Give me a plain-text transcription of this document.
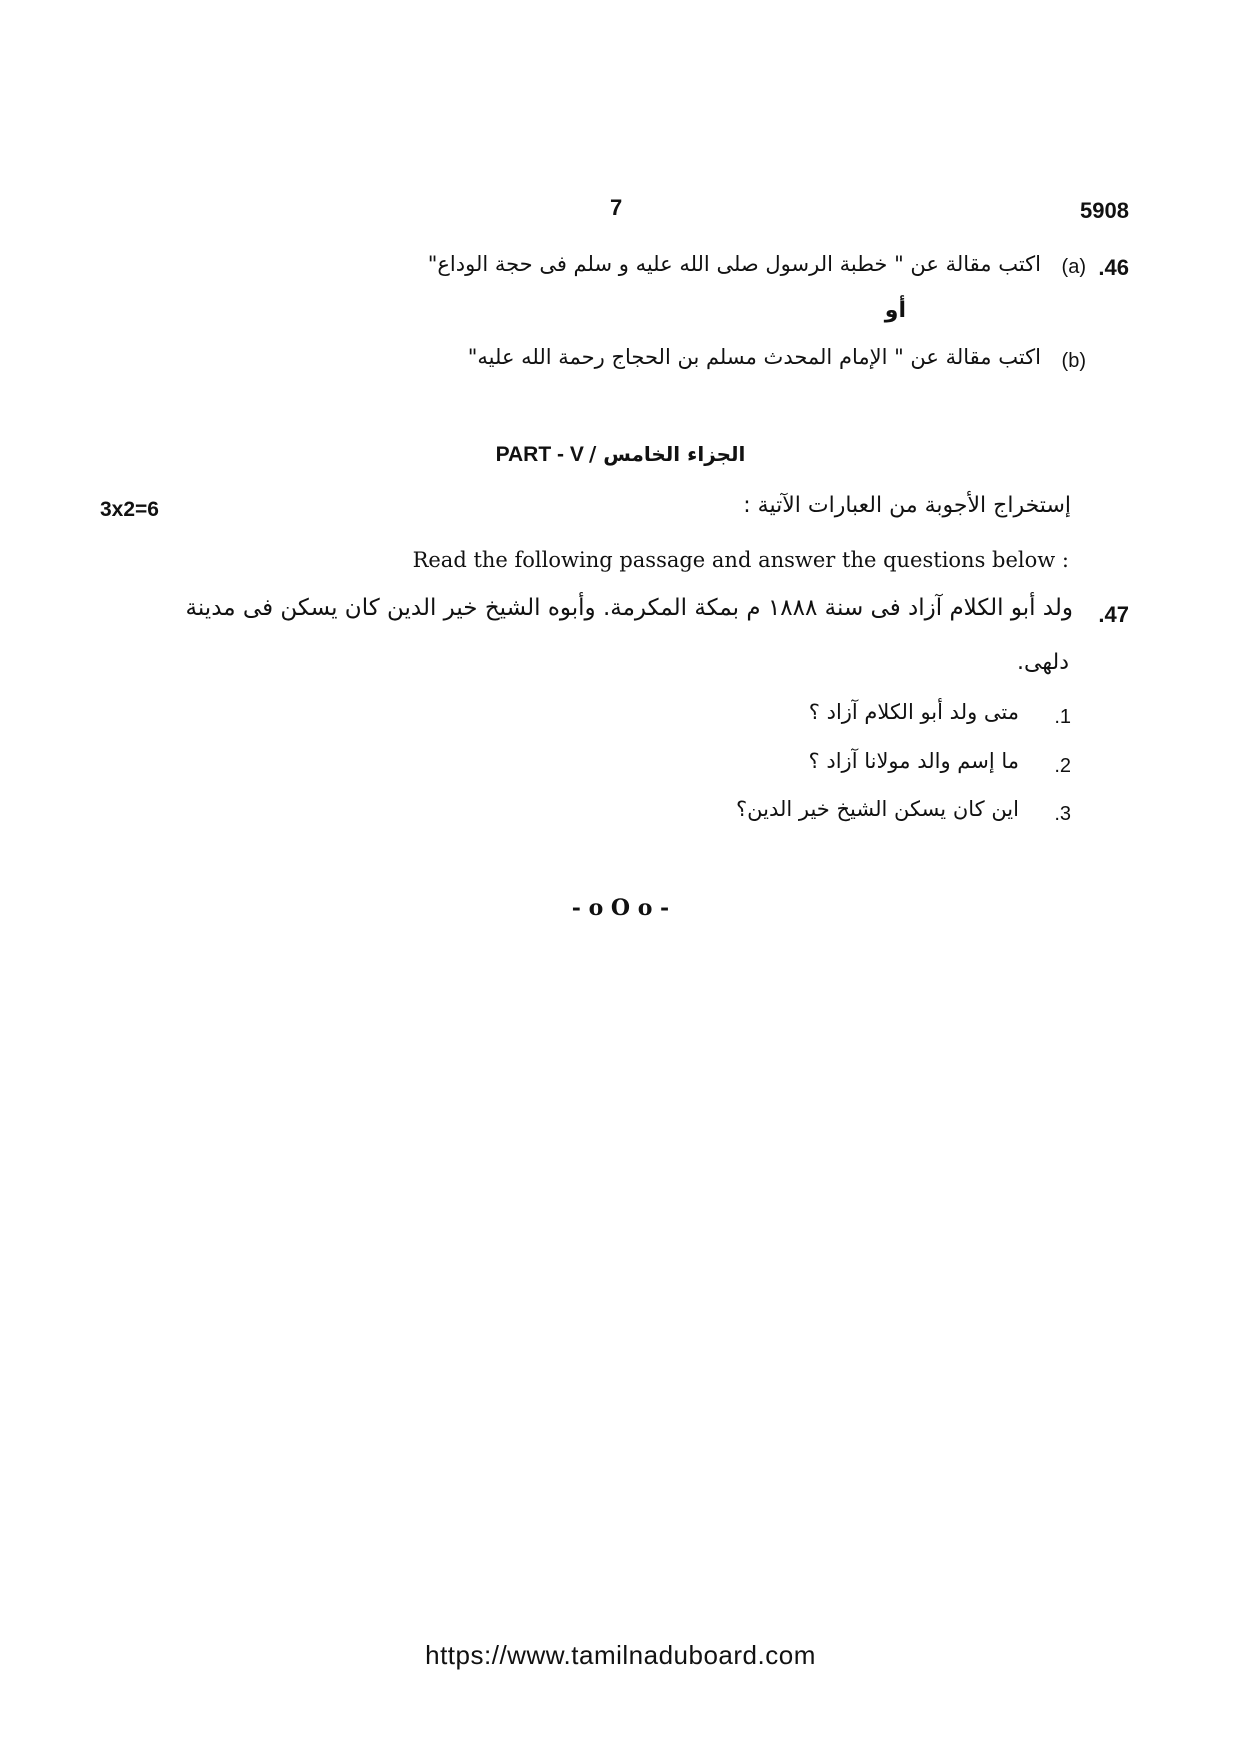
7	5908
.46
(a)
اكتب مقالة عن " خطبة الرسول صلى الله عليه و سلم فى حجة الوداع"
أو
(b)
اكتب مقالة عن " الإمام المحدث مسلم بن الحجاج رحمة الله عليه"
PART - V الجزاء الخامس /
3x2=6	إستخراج الأجوبة من العبارات الآتية :
Read the following passage and answer the questions below :
.47
ولد أبو الكلام آزاد فى سنة ١٨٨٨ م بمكة المكرمة. وأبوه الشيخ خير الدين كان يسكن فى مدينة
دلهى.
.1
متى ولد أبو الكلام آزاد ؟
.2
ما إسم والد مولانا آزاد ؟
.3
اين كان يسكن الشيخ خير الدين؟
- o O o -
https://www.tamilnaduboard.com
